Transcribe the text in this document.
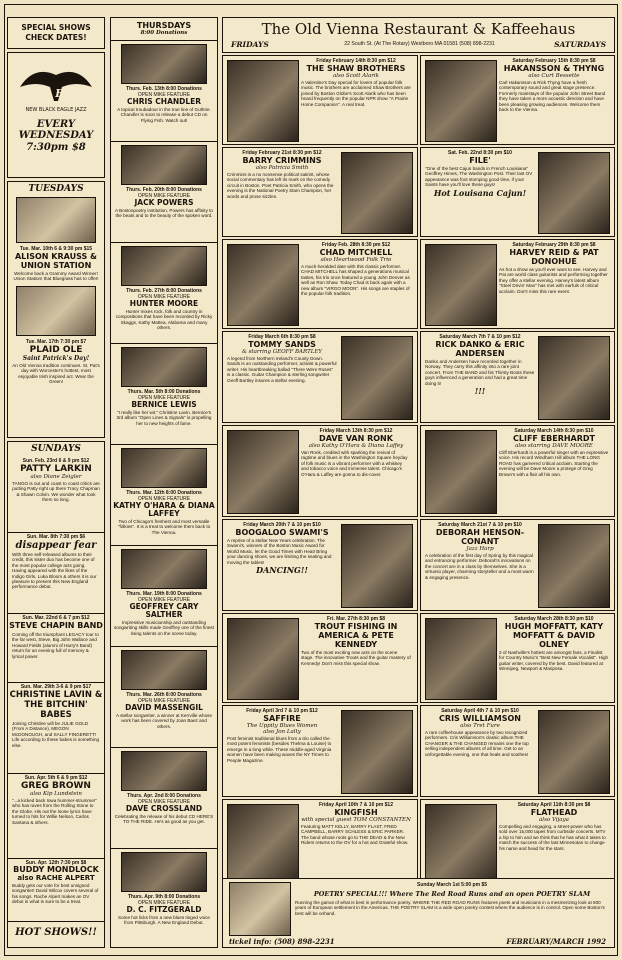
SPECIAL SHOWS CHECK DATES!
Black Eagles
NEW BLACK EAGLE JAZZ
EVERY
WEDNESDAY
7:30pm $8
TUESDAYS
Tue. Mar. 10th 6 & 9:30 pm $15
ALISON KRAUSS & UNION STATION
Welcome back a Grammy Award Winner! Union Station! that Bluegrass has to offer!
Tue. Mar. 17th 7:30 pm $7
PLAID OLE
Saint Patrick's Day!
An Old Vienna tradition continues. St. Pat's day with Worcester's hottest, most enjoyable Irish inspired act. Wear the Green!
SUNDAYS
Sun. Feb. 23rd 6 & 9 pm $12
PATTY LARKIN
also Diane Zeigler
TANGO is out and coast to coast critics are putting Patty right up there Tracy Chapman & Shawn Colvin. We wonder what took them so long.
Sun. Mar. 8th 7:30 pm $6
disappear fear
With three self-released albums to their credit, this sister duo has become one of the most popular college acts going. Having appeared with the likes of the Indigo Girls, Luka Bloom & others it is our pleasure to present this New England performance debut.
Sun. Mar. 22nd 6 & 7 pm $12
STEVE CHAPIN BAND
Coming off the triumphant LEGACY tour to the far west, Steve, Big John Wallace and Howard Fields (alumni of Harry's Band) return for an evening full of memory & lyrical power.
Sun. Mar. 29th 3-6 & 9 pm $17
CHRISTINE LAVIN & THE BITCHIN' BABES
Joining Christine will be JULIE GOLD (From A Distance), MEGON McDONOUGH, and SALLY FINGERETT! Life according to these babes is something else.
Sun. Apr. 5th 6 & 9 pm $12
GREG BROWN
also Kip Lundstein
"...a kicked back Iowa hummer-strummer" who has raves from the Rolling Stone to the Globe. His out the loose lyrics have turned to hits for Willie Nelson, Carlos Santana & others.
Sun. Apr. 12th 7:30 pm $8
BUDDY MONDLOCK
also RACHE ALPERT
Buddy gets our vote for best unsigned songwriter! David Wilcox covers several of his songs. Rache Alpert makes an OV debut in what is sure to be a treat.
HOT SHOWS!!
THURSDAYS
8:00 Donations
Thurs. Feb. 13th 8:00 Donations
OPEN MIKE FEATURE
CHRIS CHANDLER
A topical troubadour in the true line of Guthrie. Chandler is soon to release a debut CD on Flying Fish. Watch out!
Thurs. Feb. 20th 8:00 Donations
OPEN MIKE FEATURE
JACK POWERS
A Bostonpoetry institution, Powers has affinity to the beats and to the beauty of the spoken word.
Thurs. Feb. 27th 8:00 Donations
OPEN MIKE FEATURE
HUNTER MOORE
Hunter mixes rock, folk and country in compositions that have been recorded by Ricky Skaggs, Kathy Mattea, Alabama and many others.
Thurs. Mar. 5th 8:00 Donations
OPEN MIKE FEATURE
BERNICE LEWIS
"I really like her wit." Christine Lavin. Bernice's 3rd album "Open Lines & Signals" is propelling her to new heights of fame.
Thurs. Mar. 12th 8:00 Donations
OPEN MIKE FEATURE
KATHY O'HARA & DIANA LAFFEY
Two of Chicago's freshest and most versatile "folkies". It is a treat to welcome them back to The Vienna.
Thurs. Mar. 19th 8:00 Donations
OPEN MIKE FEATURE
GEOFFREY CARY SALTHER
Impressive musicianship and outstanding songwriting skills made Geoffrey one of the finest rising talents on the scene today.
Thurs. Mar. 26th 8:00 Donations
OPEN MIKE FEATURE
DAVID MASSENGIL
A stellar songwriter, a winner at Kerrville whose work has been covered by Joan Baez and others.
Thurs. Apr. 2nd 8:00 Donations
OPEN MIKE FEATURE
DAVE CROSSLAND
Celebrating the release of his debut CD HERE'S TO THE RIDE. He's as good as you get.
Thurs. Apr. 9th 8:00 Donations
OPEN MIKE FEATURE
D. C. FITZGERALD
Some hot licks from a new blues tinged voice from Pittsburgh. A New England Debut.
The Old Vienna Restaurant & Kaffeehaus
FRIDAYS	SATURDAYS
22 South St. (At The Rotary) Westboro MA 01581 (508) 898-2231
Friday February 14th 8:30 pm $12
THE SHAW BROTHERS
also Scott Alarik
A Valentine's Day special for lovers of popular folk music. The brothers are acclaimed Shaw Brothers are joined by Boston Globe's Scott Alarik who has been heard frequently on the popular NPR show "A Prairie Home Companion". A real treat.
Friday February 21st 8:30 pm $12
BARRY CRIMMINS
also Patricia Smith
Crimmins is a no nonsense political satirist, whose social commentary has left its mark on the comedy circuit in Boston. Poet Patricia Smith, who opens the evening is the National Poetry Slam Champion, her words and prose sizzles.
Friday Feb. 28th 8:30 pm $12
CHAD MITCHELL
also Heartwood Folk Trio
A much-heralded date with this classic performer. CHAD MITCHELL has shaped a generations musical tastes, his trio once featured a young John Denver as well as Ron Shaw. Today Chad is back again with a new album "VIRGO MOON". His songs are staples of the popular folk tradition.
Friday March 6th 8:30 pm $8
TOMMY SANDS
& starring GEOFF BARTLEY
A legend from Northern Ireland's County Down. Sands is an outstanding performer, activist & powerful writer. His heartbreaking ballad "There Were Roses" is a classic. Guitar Champion & sterling songwriter Geoff Bartley insures a stellar evening.
Friday March 13th 8:30 pm $12
DAVE VAN RONK
also Kathy O'Hara & Diana Laffey
Van Ronk, credited with sparking the revival of ragtime and blues in the Washington Square heyday of folk music is a vibrant performer with a whiskey and tobacco voice and immense talent. Chicago's O'Hara & Laffey are gonna to dis-cover.
Friday March 20th 7 & 10 pm $10
BOOGALOO SWAMI'S
A reprise of a stellar New Years celebration. The Swami's, winners of the Boston Music Award for World Music, let the Good Times with Heat! Bring your dancing shoes, we are limiting the seating and moving the tables!
DANCING!!
Fri. Mar. 27th 8:30 pm $8
TROUT FISHING IN AMERICA & PETE KENNEDY
Two of the most exciting new acts on the scene stage. The innovative Trouts and the guitar mastery of Kennedy! Don't miss this special show.
Friday April 3rd 7 & 10 pm $12
SAFFIRE
The Uppity Blues Women
also Jon Lalty
Post feminist traditional blues from a trio called the most potent feminists (besides Thelma & Louise) to emerge in a long while. These middle-aged Virginia women have been making waves the NY Times to People Magazine.
Friday April 10th 7 & 10 pm $12
KINGFISH
with special guest TOM CONSTANTEN
Featuring MATT KELLY, BARRY FLAST, FRED CAMPBELL, BARRY SCHLESS & ERIC PARKER. The band whose roots go to THE DEAD & the New Riders returns to the OV for a hot and Grateful show.
Saturday February 15th 8:30 pm $8
HAKANSSON & THYNG
also Curt Bessette
Carl Hakansson & Rick Thyng have a fresh contemporary sound and great stage presence. Formerly mainstays of the popular John Street Band they have taken a more acoustic direction and have been pleasing growing audiences. Welcome them back to the Vienna.
Sat. Feb. 22nd 8:30 pm $10
FILE'
"One of the best Cajun bands in French Louisiana" Geoffrey Himes, The Washington Post. Their last OV appearance was foot stomping good time, if your Saints have you'll love these guys!
Hot Louisana Cajun!
Saturday February 29th 8:30 pm $8
HARVEY REID & PAT DONOHUE
As hot a show as you'll ever want to see. Harvey and Pat are world class guitarists and performing together they offer a stellar evening. Harvey's latest album "Steel Drivin' Man" has met with earfuls of critical acclaim. Don't miss this rare event.
Saturday March 7th 7 & 10 pm $12
RICK DANKO & ERIC ANDERSEN
Danko and Andersen have recorded together in Norway. They carry this affinity into a rare joint concert. From THE BAND and his Thirsty Boots these guys influenced a generation and had a great time doing it!
!!!
Saturday March 14th 8:30 pm $10
CLIFF EBERHARDT
also starring DAVE MOORE
Cliff Eberhardt is a powerful singer with an expressive voice. His record Windham Hill album THE LONG ROAD has garnered critical acclaim. Starting the evening will be Dave Moore a protege of Greg Brown's with a flair all his own.
Saturday March 21st 7 & 10 pm $10
DEBORAH HENSON-CONANT
Jazz Harp
A celebration of the first day of Spring by this magical and entrancing performer. Deborah's innovations on the concert are in a class by themselves. She is a virtuoso player, charming storyteller and a most warm & engaging presence.
Saturday March 28th 8:30 pm $10
HUGH MOFFATT, KATY MOFFATT & DAVID OLNEY
3 of Nashville's hottest are amongst fans, a Finalist for Country Music's "Best New Female Vocalist". High guitar writer, covered by the best. David featured at Winnipeg, Newport & Mariposa.
Saturday April 4th 7 & 10 pm $10
CRIS WILLIAMSON
also Tret Fure
A rare coffeehouse appearance by two recognized performers. Cris Williamson's classic album THE CHANGER & THE CHANGED remains one the top selling independent albums of all time. Get to an unforgettable evening, one that heals and soothes!
Saturday April 11th 8:30 pm $8
FLATHEAD
also Vijaya
Compelling and engaging, a street-power who has sold over 15,000 tapes from curbside concerts. MTV a hip to him and we think that he has what it takes to match the success of the last Minnesotan to change his name and head for the stars.
Sunday March 1st 5:00 pm $5
POETRY SPECIAL!!! Where The Red Road Runs and an open POETRY SLAM
Running the gamut of what is best in performance poetry. WHERE THE RED ROAD RUNS features poets and musicians in a mesmerizing look at 500 years of European settlement in the Americas. THE POETRY SLAM is a wide open poetry contest where the audience is in control. Open some Boston's best will be onhand.
tickel info: (508) 898-2231	FEBRUARY/MARCH 1992
